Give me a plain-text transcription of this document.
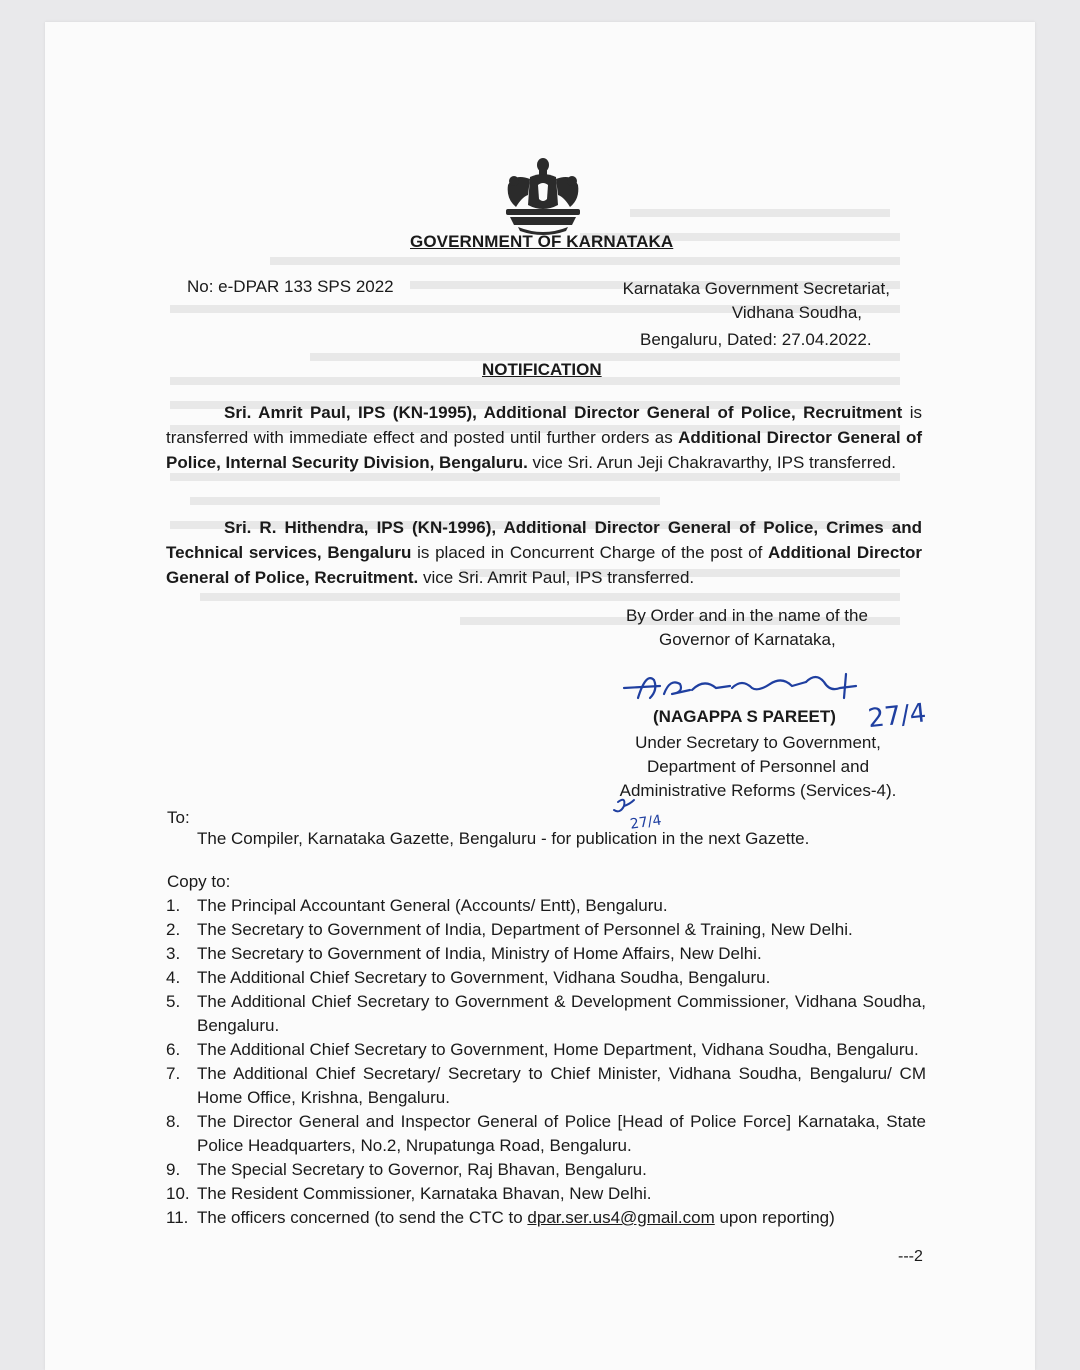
GOVERNMENT OF KARNATAKA
No: e-DPAR 133 SPS 2022	Karnataka Government Secretariat,
Vidhana Soudha,
Bengaluru, Dated: 27.04.2022.
NOTIFICATION
Sri. Amrit Paul, IPS (KN-1995), Additional Director General of Police, Recruitment is transferred with immediate effect and posted until further orders as Additional Director General of Police, Internal Security Division, Bengaluru. vice Sri. Arun Jeji Chakravarthy, IPS transferred.
Sri. R. Hithendra, IPS (KN-1996), Additional Director General of Police, Crimes and Technical services, Bengaluru is placed in Concurrent Charge of the post of Additional Director General of Police, Recruitment. vice Sri. Amrit Paul, IPS transferred.
By Order and in the name of the
Governor of Karnataka,
27/4
(NAGAPPA S PAREET)
Under Secretary to Government,
Department of Personnel and
Administrative Reforms (Services-4).
27/4
To:
The Compiler, Karnataka Gazette, Bengaluru - for publication in the next Gazette.
Copy to:
1. The Principal Accountant General (Accounts/ Entt), Bengaluru.
2. The Secretary to Government of India, Department of Personnel & Training, New Delhi.
3. The Secretary to Government of India, Ministry of Home Affairs, New Delhi.
4. The Additional Chief Secretary to Government, Vidhana Soudha, Bengaluru.
5. The Additional Chief Secretary to Government & Development Commissioner, Vidhana Soudha, Bengaluru.
6. The Additional Chief Secretary to Government, Home Department, Vidhana Soudha, Bengaluru.
7. The Additional Chief Secretary/ Secretary to Chief Minister, Vidhana Soudha, Bengaluru/ CM Home Office, Krishna, Bengaluru.
8. The Director General and Inspector General of Police [Head of Police Force] Karnataka, State Police Headquarters, No.2, Nrupatunga Road, Bengaluru.
9. The Special Secretary to Governor, Raj Bhavan, Bengaluru.
10. The Resident Commissioner, Karnataka Bhavan, New Delhi.
11. The officers concerned (to send the CTC to dpar.ser.us4@gmail.com upon reporting)
---2
